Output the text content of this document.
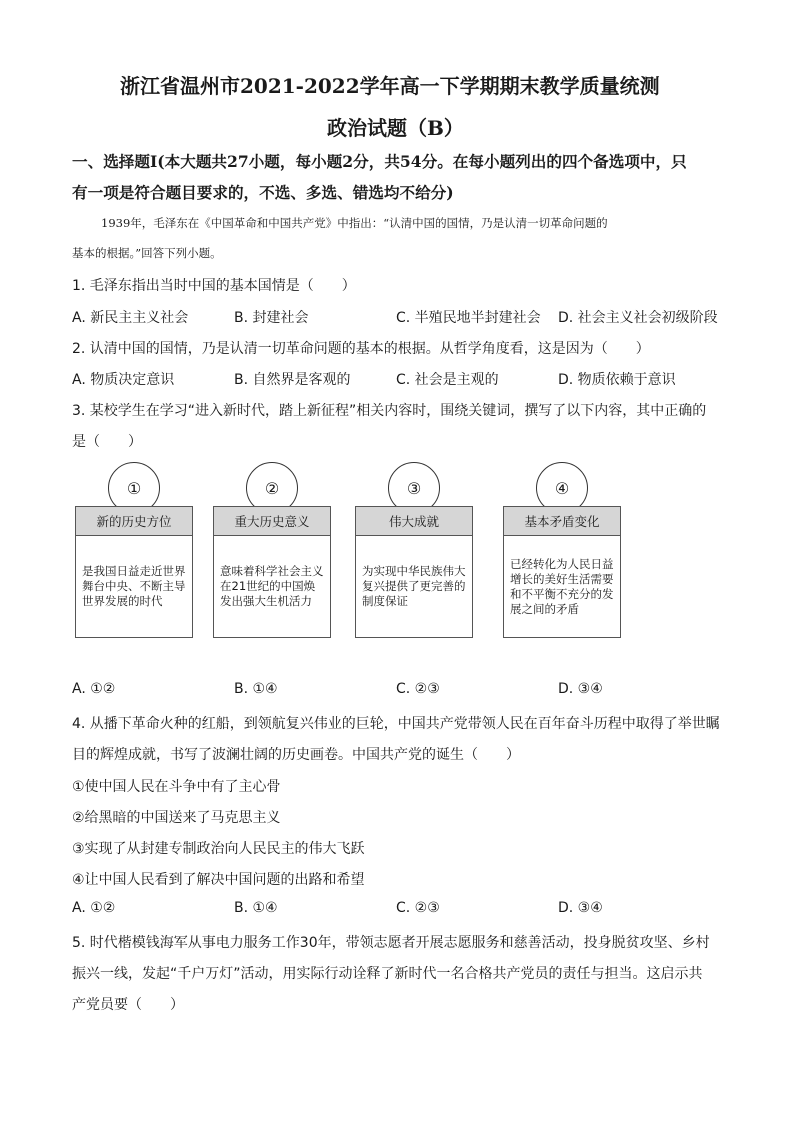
浙江省温州市2021-2022学年高一下学期期末教学质量统测
政治试题（B）
一、选择题Ⅰ(本大题共27小题，每小题2分，共54分。在每小题列出的四个备选项中，只
有一项是符合题目要求的，不选、多选、错选均不给分)
1939年，毛泽东在《中国革命和中国共产党》中指出：“认清中国的国情，乃是认清一切革命问题的
基本的根据。”回答下列小题。
1. 毛泽东指出当时中国的基本国情是（　　）
A. 新民主主义社会	B. 封建社会	C. 半殖民地半封建社会 D. 社会主义社会初级阶段
2. 认清中国的国情，乃是认清一切革命问题的基本的根据。从哲学角度看，这是因为（　　）
A. 物质决定意识	B. 自然界是客观的	C. 社会是主观的	D. 物质依赖于意识
3. 某校学生在学习“进入新时代，踏上新征程”相关内容时，围绕关键词，撰写了以下内容，其中正确的
是（　　）
①
新的历史方位
是我国日益走近世界舞台中央、不断主导世界发展的时代
②
重大历史意义
意味着科学社会主义在21世纪的中国焕发出强大生机活力
③
伟大成就
为实现中华民族伟大复兴提供了更完善的制度保证
④
基本矛盾变化
已经转化为人民日益增长的美好生活需要和不平衡不充分的发展之间的矛盾
A. ①②	B. ①④	C. ②③	D. ③④
4. 从播下革命火种的红船，到领航复兴伟业的巨轮，中国共产党带领人民在百年奋斗历程中取得了举世瞩
目的辉煌成就，书写了波澜壮阔的历史画卷。中国共产党的诞生（　　）
①使中国人民在斗争中有了主心骨
②给黑暗的中国送来了马克思主义
③实现了从封建专制政治向人民民主的伟大飞跃
④让中国人民看到了解决中国问题的出路和希望
A. ①②	B. ①④	C. ②③	D. ③④
5. 时代楷模钱海军从事电力服务工作30年，带领志愿者开展志愿服务和慈善活动，投身脱贫攻坚、乡村
振兴一线，发起“千户万灯”活动，用实际行动诠释了新时代一名合格共产党员的责任与担当。这启示共
产党员要（　　）
